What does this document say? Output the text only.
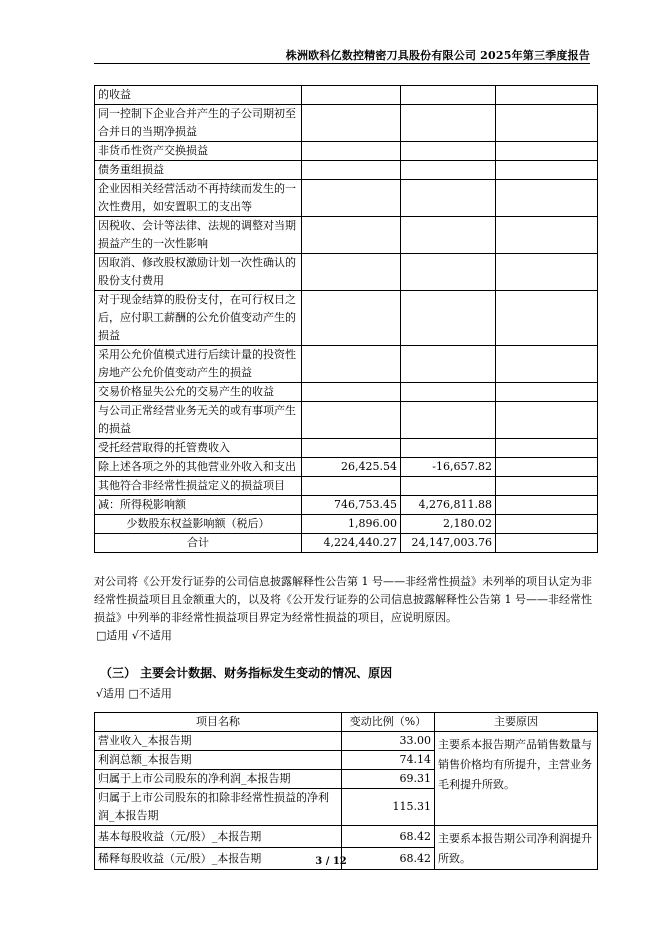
株洲欧科亿数控精密刀具股份有限公司 2025年第三季度报告
的收益			
同一控制下企业合并产生的子公司期初至合并日的当期净损益			
非货币性资产交换损益			
债务重组损益			
企业因相关经营活动不再持续而发生的一次性费用，如安置职工的支出等			
因税收、会计等法律、法规的调整对当期损益产生的一次性影响			
因取消、修改股权激励计划一次性确认的股份支付费用			
对于现金结算的股份支付，在可行权日之后，应付职工薪酬的公允价值变动产生的损益			
采用公允价值模式进行后续计量的投资性房地产公允价值变动产生的损益			
交易价格显失公允的交易产生的收益			
与公司正常经营业务无关的或有事项产生的损益			
受托经营取得的托管费收入			
除上述各项之外的其他营业外收入和支出	26,425.54	-16,657.82	
其他符合非经常性损益定义的损益项目			
减：所得税影响额	746,753.45	4,276,811.88	
少数股东权益影响额（税后）	1,896.00	2,180.02	
合计	4,224,440.27	24,147,003.76	
对公司将《公开发行证券的公司信息披露解释性公告第 1 号——非经常性损益》未列举的项目认定为非经常性损益项目且金额重大的，以及将《公开发行证券的公司信息披露解释性公告第 1 号——非经常性损益》中列举的非经常性损益项目界定为经常性损益的项目，应说明原因。
□适用 √不适用
（三） 主要会计数据、财务指标发生变动的情况、原因
√适用 □不适用
项目名称	变动比例（%）	主要原因
营业收入_本报告期	33.00	主要系本报告期产品销售数量与销售价格均有所提升，主营业务毛利提升所致。
利润总额_本报告期	74.14	
归属于上市公司股东的净利润_本报告期	69.31	
归属于上市公司股东的扣除非经常性损益的净利润_本报告期	115.31	
基本每股收益（元/股）_本报告期	68.42	主要系本报告期公司净利润提升所致。
稀释每股收益（元/股）_本报告期	68.42	
3 / 12
